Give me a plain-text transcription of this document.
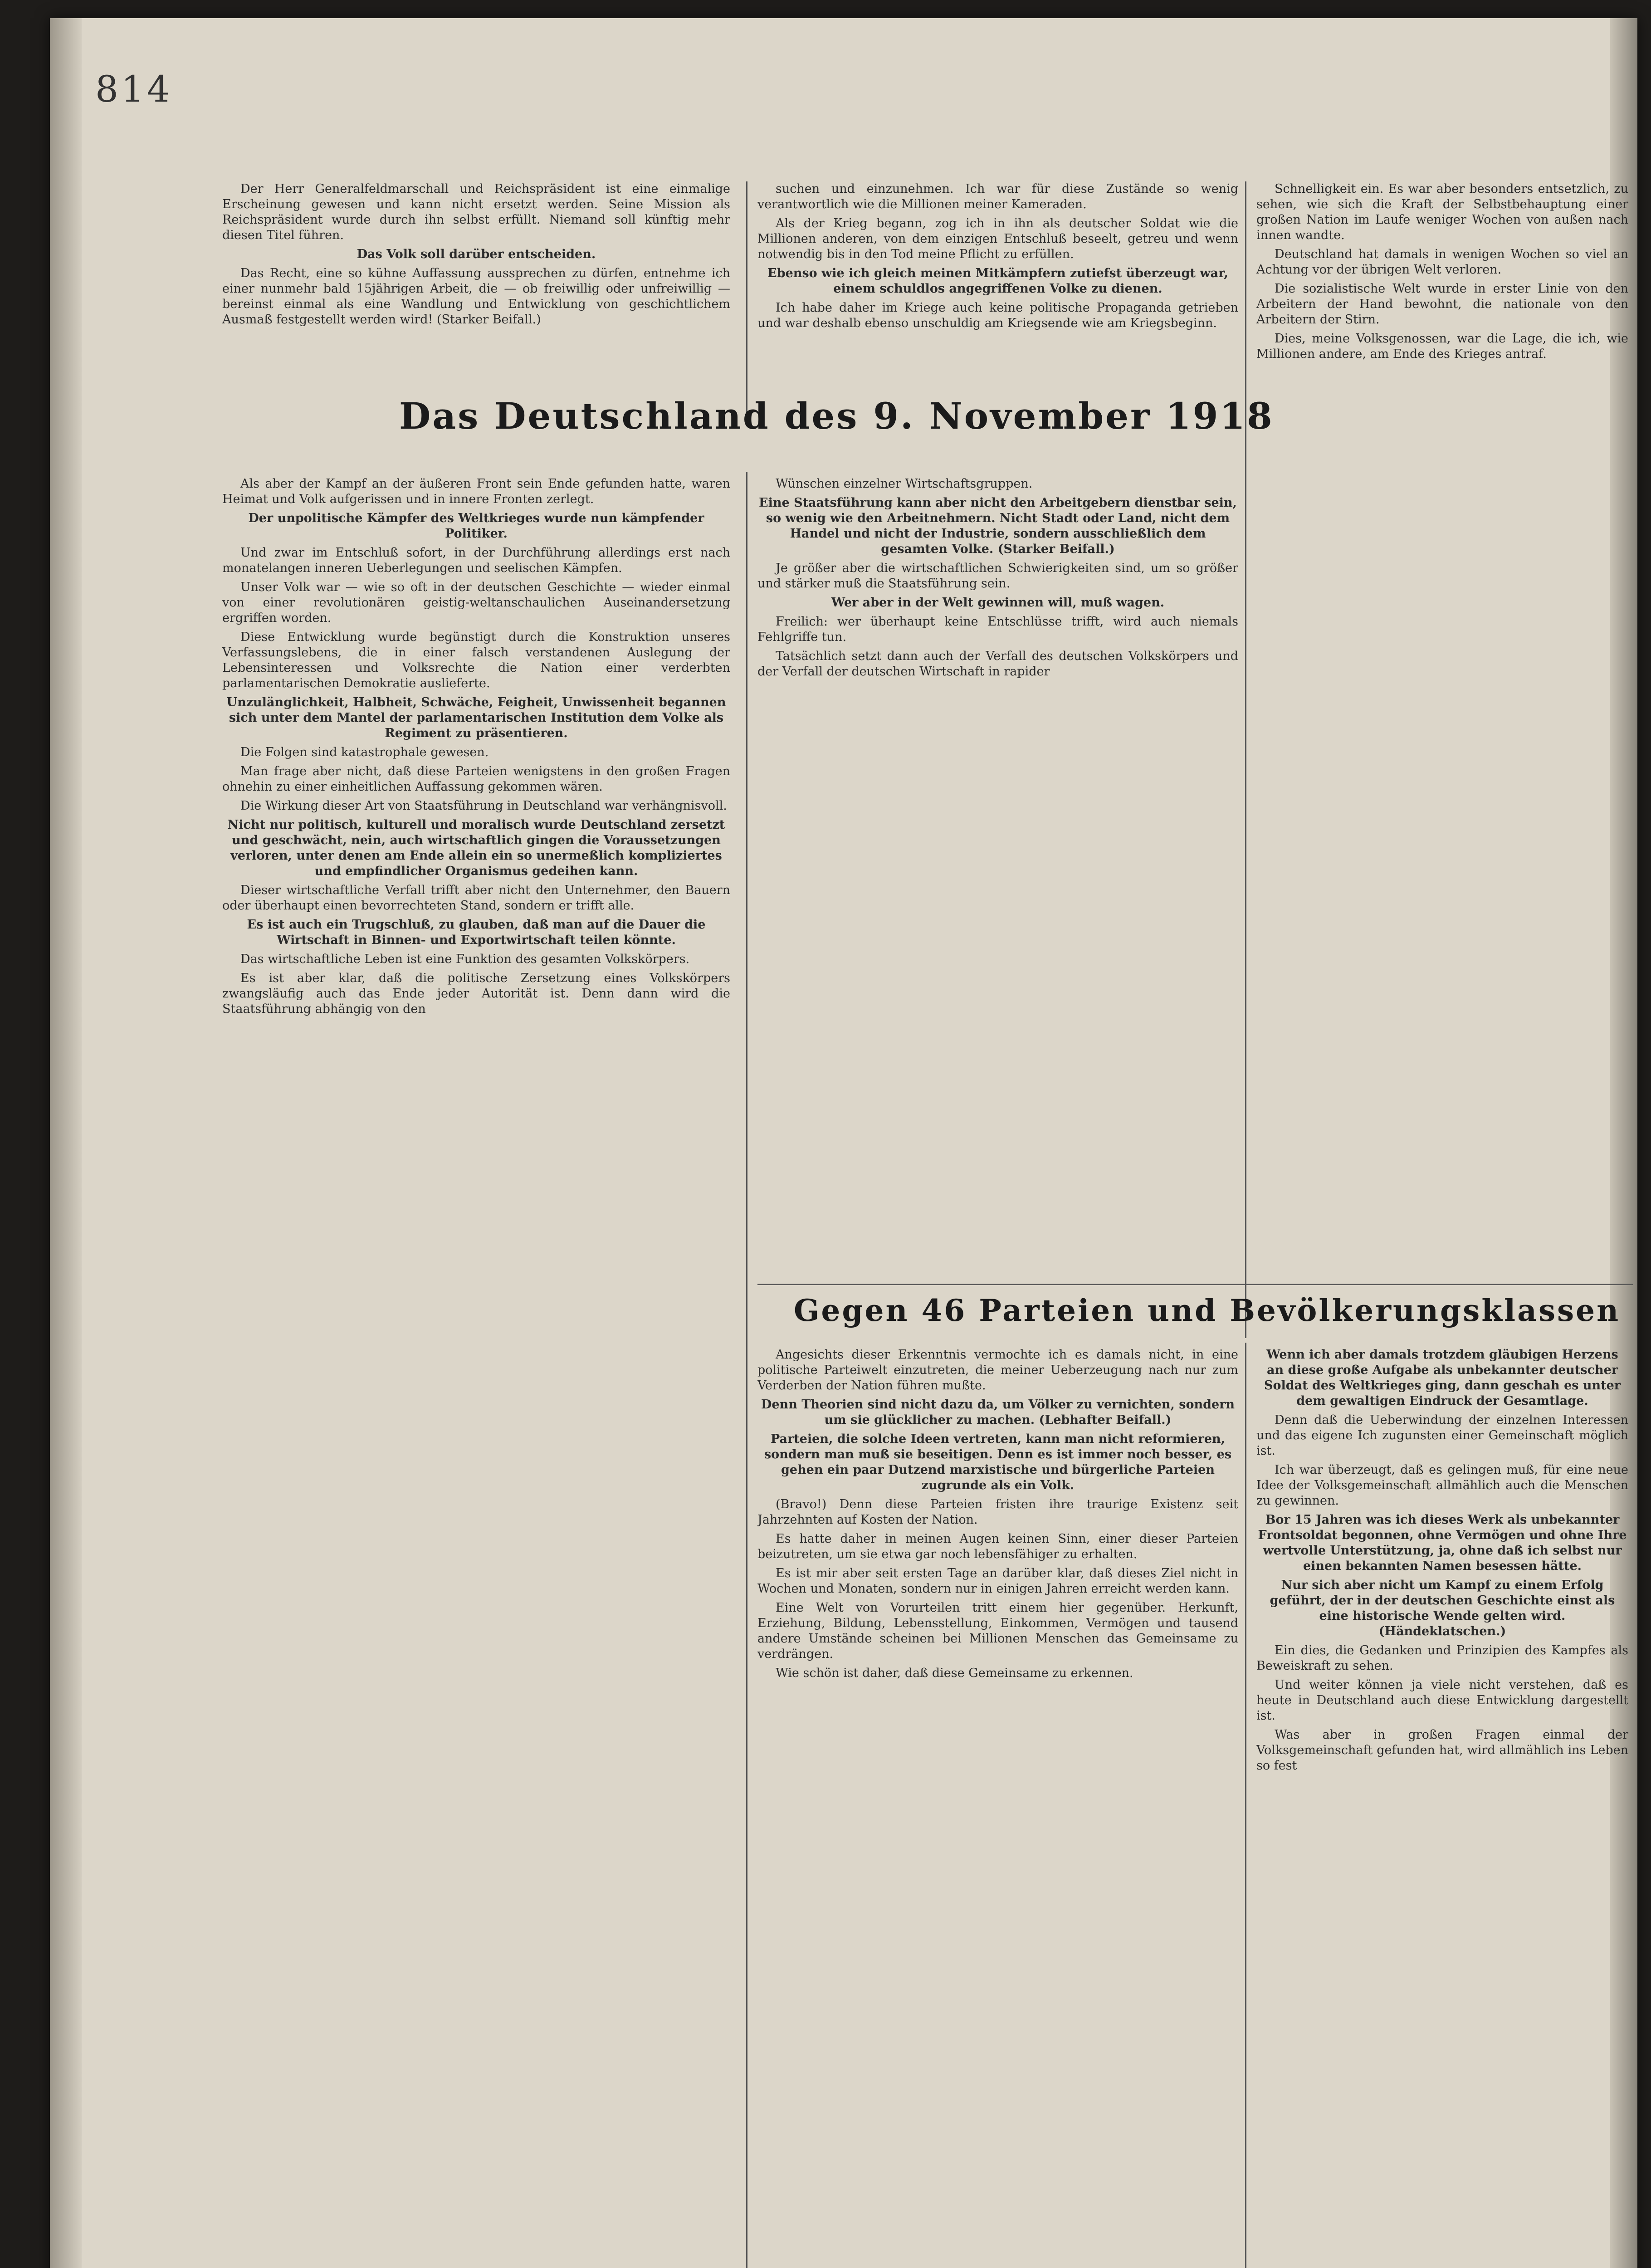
814

Der Herr Generalfeldmarschall und Reichspräsident ist eine einmalige Erscheinung gewesen und kann nicht ersetzt werden. Seine Mission als Reichspräsident wurde durch ihn selbst erfüllt. Niemand soll künftig mehr diesen Titel führen.

Das Volk soll darüber entscheiden.

Das Recht, eine so kühne Auffassung aussprechen zu dürfen, entnehme ich einer nunmehr bald 15jährigen Arbeit, die — ob freiwillig oder unfreiwillig — bereinst einmal als eine Wandlung und Entwicklung von geschichtlichem Ausmaß festgestellt werden wird! (Starker Beifall.)

suchen und einzunehmen. Ich war für diese Zustände so wenig verantwortlich wie die Millionen meiner Kameraden.

Als der Krieg begann, zog ich in ihn als deutscher Soldat wie die Millionen anderen, von dem einzigen Entschluß beseelt, getreu und wenn notwendig bis in den Tod meine Pflicht zu erfüllen.

Ebenso wie ich gleich meinen Mitkämpfern zutiefst überzeugt war, einem schuldlos angegriffenen Volke zu dienen.

Ich habe daher im Kriege auch keine politische Propaganda getrieben und war deshalb ebenso unschuldig am Kriegsende wie am Kriegsbeginn.

Das Deutschland des 9. November 1918

Als aber der Kampf an der äußeren Front sein Ende gefunden hatte, waren Heimat und Volk aufgerissen und in innere Fronten zerlegt.

Der unpolitische Kämpfer des Weltkrieges wurde nun kämpfender Politiker.

Und zwar im Entschluß sofort, in der Durchführung allerdings erst nach monatelangen inneren Ueberlegungen und seelischen Kämpfen.

Unser Volk war — wie so oft in der deutschen Geschichte — wieder einmal von einer revolutionären geistig-weltanschaulichen Auseinandersetzung ergriffen worden.

Diese Entwicklung wurde begünstigt durch die Konstruktion unseres Verfassungslebens, die in einer falsch verstandenen Auslegung der Lebensinteressen und Volksrechte die Nation einer verderbten parlamentarischen Demokratie auslieferte.

Unzulänglichkeit, Halbheit, Schwäche, Feigheit, Unwissenheit begannen sich unter dem Mantel der parlamentarischen Institution dem Volke als Regiment zu präsentieren.

Die Folgen sind katastrophale gewesen.

Man frage aber nicht, daß diese Parteien wenigstens in den großen Fragen ohnehin zu einer einheitlichen Auffassung gekommen wären.

Die Wirkung dieser Art von Staatsführung in Deutschland war verhängnisvoll.

Nicht nur politisch, kulturell und moralisch wurde Deutschland zersetzt und geschwächt, nein, auch wirtschaftlich gingen die Voraussetzungen verloren, unter denen am Ende allein ein so unermeßlich kompliziertes und empfindlicher Organismus gedeihen kann.

Dieser wirtschaftliche Verfall trifft aber nicht den Unternehmer, den Bauern oder überhaupt einen bevorrechteten Stand, sondern er trifft alle.

Es ist auch ein Trugschluß, zu glauben, daß man auf die Dauer die Wirtschaft in Binnen- und Exportwirtschaft teilen könnte.

Das wirtschaftliche Leben ist eine Funktion des gesamten Volkskörpers.

Es ist aber klar, daß die politische Zersetzung eines Volkskörpers zwangsläufig auch das Ende jeder Autorität ist. Denn dann wird die Staatsführung abhängig von den

Wünschen einzelner Wirtschaftsgruppen.

Eine Staatsführung kann aber nicht den Arbeitgebern dienstbar sein, so wenig wie den Arbeitnehmern. Nicht Stadt oder Land, nicht dem Handel und nicht der Industrie, sondern ausschließlich dem gesamten Volke. (Starker Beifall.)

Je größer aber die wirtschaftlichen Schwierigkeiten sind, um so größer und stärker muß die Staatsführung sein.

Wer aber in der Welt gewinnen will, muß wagen.

Freilich: wer überhaupt keine Entschlüsse trifft, wird auch niemals Fehlgriffe tun.

Tatsächlich setzt dann auch der Verfall des deutschen Volkskörpers und der Verfall der deutschen Wirtschaft in rapider

Schnelligkeit ein. Es war aber besonders entsetzlich, zu sehen, wie sich die Kraft der Selbstbehauptung einer großen Nation im Laufe weniger Wochen von außen nach innen wandte.

Deutschland hat damals in wenigen Wochen so viel an Achtung vor der übrigen Welt verloren.

Die sozialistische Welt wurde in erster Linie von den Arbeitern der Hand bewohnt, die nationale von den Arbeitern der Stirn.

Dies, meine Volksgenossen, war die Lage, die ich, wie Millionen andere, am Ende des Krieges antraf.

Gegen 46 Parteien und Bevölkerungsklassen

Angesichts dieser Erkenntnis vermochte ich es damals nicht, in eine politische Parteiwelt einzutreten, die meiner Ueberzeugung nach nur zum Verderben der Nation führen mußte.

Denn Theorien sind nicht dazu da, um Völker zu vernichten, sondern um sie glücklicher zu machen. (Lebhafter Beifall.)

Parteien, die solche Ideen vertreten, kann man nicht reformieren, sondern man muß sie beseitigen. Denn es ist immer noch besser, es gehen ein paar Dutzend marxistische und bürgerliche Parteien zugrunde als ein Volk.

(Bravo!) Denn diese Parteien fristen ihre traurige Existenz seit Jahrzehnten auf Kosten der Nation.

Es hatte daher in meinen Augen keinen Sinn, einer dieser Parteien beizutreten, um sie etwa gar noch lebensfähiger zu erhalten.

Es ist mir aber seit ersten Tage an darüber klar, daß dieses Ziel nicht in Wochen und Monaten, sondern nur in einigen Jahren erreicht werden kann.

Eine Welt von Vorurteilen tritt einem hier gegenüber. Herkunft, Erziehung, Bildung, Lebensstellung, Einkommen, Vermögen und tausend andere Umstände scheinen bei Millionen Menschen das Gemeinsame zu verdrängen.

Wie schön ist daher, daß diese Gemeinsame zu erkennen.

Wenn ich aber damals trotzdem gläubigen Herzens an diese große Aufgabe als unbekannter deutscher Soldat des Weltkrieges ging, dann geschah es unter dem gewaltigen Eindruck der Gesamtlage.

Denn daß die Ueberwindung der einzelnen Interessen und das eigene Ich zugunsten einer Gemeinschaft möglich ist.

Ich war überzeugt, daß es gelingen muß, für eine neue Idee der Volksgemeinschaft allmählich auch die Menschen zu gewinnen.

Bor 15 Jahren was ich dieses Werk als unbekannter Frontsoldat begonnen, ohne Vermögen und ohne Ihre wertvolle Unterstützung, ja, ohne daß ich selbst nur einen bekannten Namen besessen hätte.

Nur sich aber nicht um Kampf zu einem Erfolg geführt, der in der deutschen Geschichte einst als eine historische Wende gelten wird. (Händeklatschen.)

Ein dies, die Gedanken und Prinzipien des Kampfes als Beweiskraft zu sehen.

Und weiter können ja viele nicht verstehen, daß es heute in Deutschland auch diese Entwicklung dargestellt ist.

Was aber in großen Fragen einmal der Volksgemeinschaft gefunden hat, wird allmählich ins Leben so fest
